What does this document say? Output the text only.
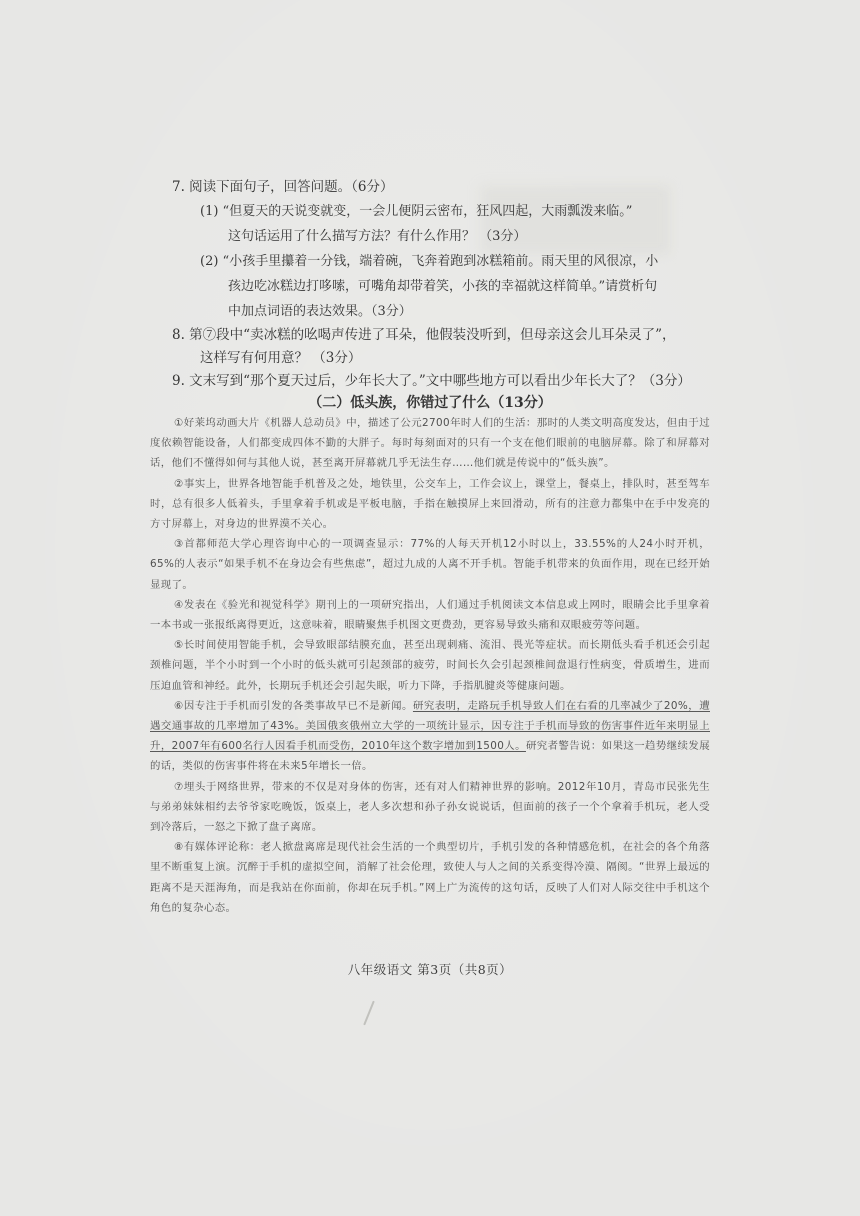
7. 阅读下面句子，回答问题。（6分）

(1) “但夏天的天说变就变，一会儿便阴云密布，狂风四起，大雨瓢泼来临。”

这句话运用了什么描写方法？有什么作用？ （3分）

(2) “小孩手里攥着一分钱，端着碗，飞奔着跑到冰糕箱前。雨天里的风很凉，小

孩边吃冰糕边打哆嗦，可嘴角却带着笑，小孩的幸福就这样简单。”请赏析句

中加点词语的表达效果。（3分）

8. 第⑦段中“卖冰糕的吆喝声传进了耳朵，他假装没听到，但母亲这会儿耳朵灵了”，

这样写有何用意？ （3分）

9. 文末写到“那个夏天过后，少年长大了。”文中哪些地方可以看出少年长大了？（3分）

（二）低头族，你错过了什么（13分）

①好莱坞动画大片《机器人总动员》中，描述了公元2700年时人们的生活：那时的人类文明高度发达，但由于过度依赖智能设备，人们都变成四体不勤的大胖子。每时每刻面对的只有一个支在他们眼前的电脑屏幕。除了和屏幕对话，他们不懂得如何与其他人说，甚至离开屏幕就几乎无法生存……他们就是传说中的“低头族”。

②事实上，世界各地智能手机普及之处，地铁里，公交车上，工作会议上，课堂上，餐桌上，排队时，甚至驾车时，总有很多人低着头，手里拿着手机或是平板电脑，手指在触摸屏上来回滑动，所有的注意力都集中在手中发亮的方寸屏幕上，对身边的世界漠不关心。

③首都师范大学心理咨询中心的一项调查显示：77%的人每天开机12小时以上，33.55%的人24小时开机，65%的人表示“如果手机不在身边会有些焦虑”，超过九成的人离不开手机。智能手机带来的负面作用，现在已经开始显现了。

④发表在《验光和视觉科学》期刊上的一项研究指出，人们通过手机阅读文本信息或上网时，眼睛会比手里拿着一本书或一张报纸离得更近，这意味着，眼睛聚焦手机图文更费劲，更容易导致头痛和双眼疲劳等问题。

⑤长时间使用智能手机，会导致眼部结膜充血，甚至出现刺痛、流泪、畏光等症状。而长期低头看手机还会引起颈椎问题，半个小时到一个小时的低头就可引起颈部的疲劳，时间长久会引起颈椎间盘退行性病变，骨质增生，进而压迫血管和神经。此外，长期玩手机还会引起失眠，听力下降，手指肌腱炎等健康问题。

⑥因专注于手机而引发的各类事故早已不是新闻。研究表明，走路玩手机导致人们在右看的几率减少了20%，遭遇交通事故的几率增加了43%。美国俄亥俄州立大学的一项统计显示，因专注于手机而导致的伤害事件近年来明显上升，2007年有600名行人因看手机而受伤，2010年这个数字增加到1500人。研究者警告说：如果这一趋势继续发展的话，类似的伤害事件将在未来5年增长一倍。

⑦埋头于网络世界，带来的不仅是对身体的伤害，还有对人们精神世界的影响。2012年10月，青岛市民张先生与弟弟妹妹相约去爷爷家吃晚饭，饭桌上，老人多次想和孙子孙女说说话，但面前的孩子一个个拿着手机玩，老人受到冷落后，一怒之下掀了盘子离席。

⑧有媒体评论称：老人掀盘离席是现代社会生活的一个典型切片，手机引发的各种情感危机，在社会的各个角落里不断重复上演。沉醉于手机的虚拟空间，消解了社会伦理，致使人与人之间的关系变得冷漠、隔阂。“世界上最远的距离不是天涯海角，而是我站在你面前，你却在玩手机。”网上广为流传的这句话，反映了人们对人际交往中手机这个角色的复杂心态。

八年级语文 第3页（共8页）
